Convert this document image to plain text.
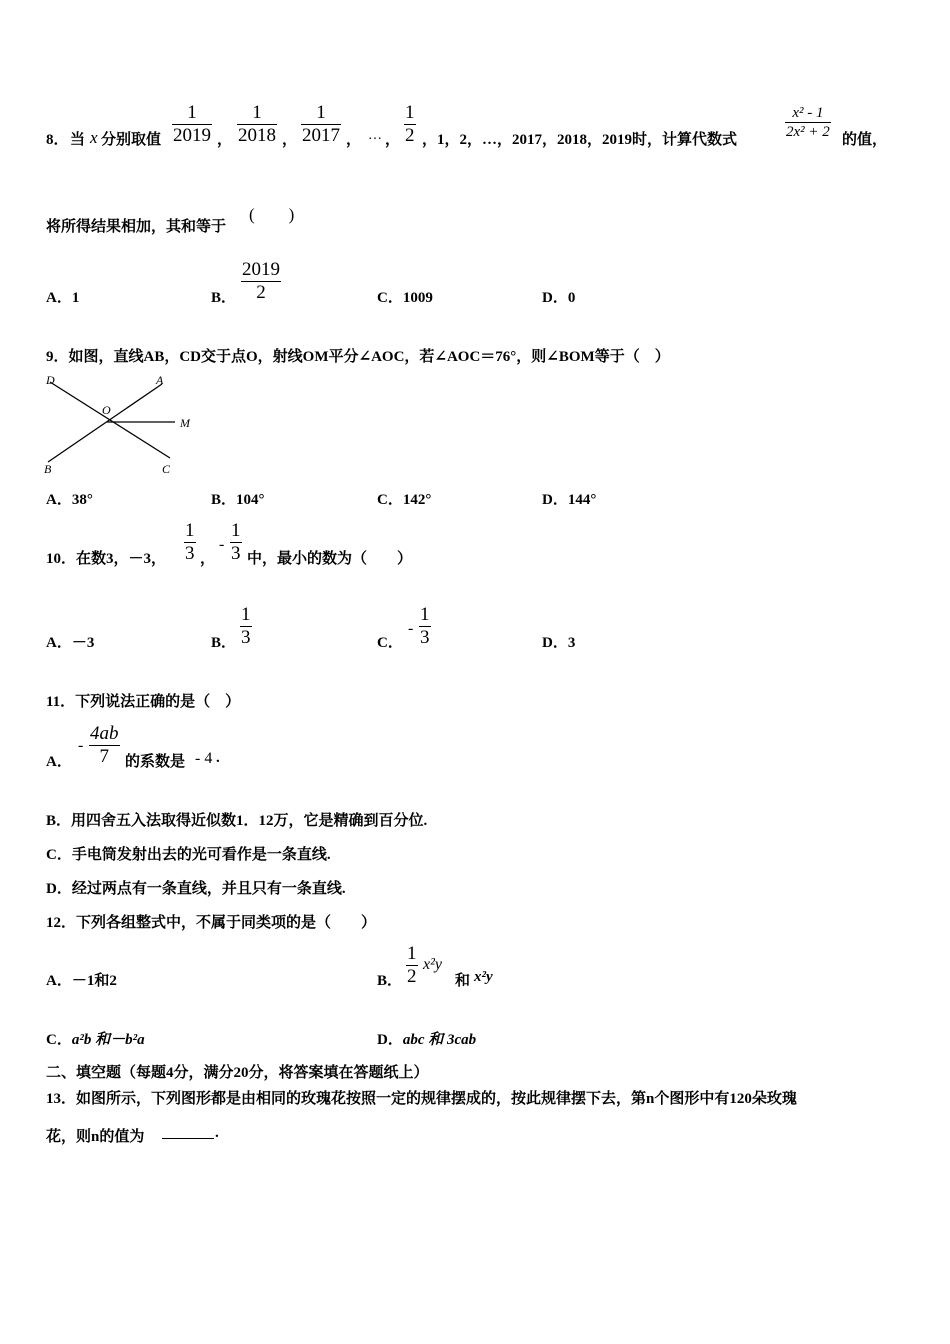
8． 当 x 分别取值 $\frac{1}{2019}$ ， $\frac{1}{2018}$ ， $\frac{1}{2017}$ ， … ， $\frac{1}{2}$ ，1，2，…，2017，2018，2019时，计算代数式	$\frac{\text{x² - 1}}{\text{2x² + 2}}$ 的值，
将所得结果相加，其和等于
(　　)
A．1	B． $\frac{2019}{2}$	C．1009	D．0
9．如图，直线AB，CD交于点O，射线OM平分∠AOC，若∠AOC＝76°，则∠BOM等于（　）
D	A
O
M
B	C
A．38°	B．104°	C．142°	D．144°
10．在数3，－3， $\frac{1}{3}$ ，
- $\frac{1}{3}$ 中，最小的数为（　　）
A．－3	B． $\frac{1}{3}$	C．
- $\frac{1}{3}$	D．3
11．下列说法正确的是（　）
A．
- $\frac{4ab}{7}$ 的系数是 - 4 .
B．用四舍五入法取得近似数1．12万，它是精确到百分位.
C．手电筒发射出去的光可看作是一条直线.
D．经过两点有一条直线，并且只有一条直线.
12．下列各组整式中，不属于同类项的是（　　）
A．－1和2	B． $\frac{1}{2} x^2y$
和 x²y
C．a²b 和－b²a	D．abc 和 3cab
二、填空题（每题4分，满分20分，将答案填在答题纸上）
13．如图所示，下列图形都是由相同的玫瑰花按照一定的规律摆成的，按此规律摆下去，第n个图形中有120朵玫瑰
花，则n的值为	.
